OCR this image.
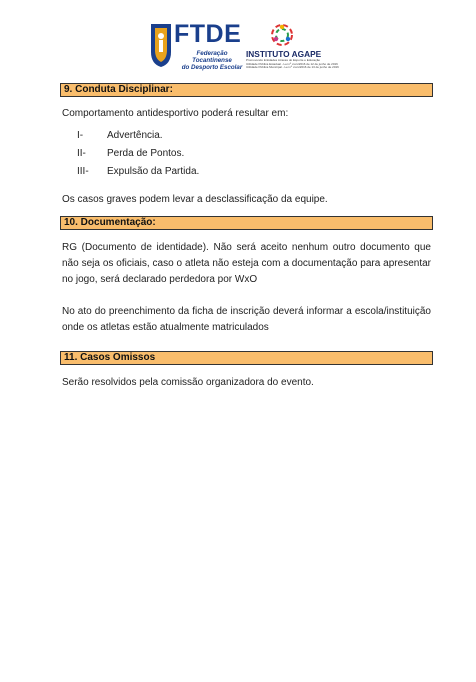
FTDE
Federação Tocantinense
do Desporto Escolar
INSTITUTO AGAPE
Promovendo Entidades Através do Esporte e Educação
Utilidade Pública Estadual - Lei nº xxxx/2016 de 12 de junho de 2016
Utilidade Pública Municipal - Lei nº xxxx/2016 de 13 de junho de 2016
9. Conduta Disciplinar:
Comportamento antidesportivo poderá resultar em:
I- Advertência.
II- Perda de Pontos.
III- Expulsão da Partida.
Os casos graves podem levar a desclassificação da equipe.
10. Documentação:
RG (Documento de identidade). Não será aceito nenhum outro documento que não seja os oficiais, caso o atleta não esteja com a documentação para apresentar no jogo, será declarado perdedora por WxO
No ato do preenchimento da ficha de inscrição deverá informar a escola/instituição onde os atletas estão atualmente matriculados
11. Casos Omissos
Serão resolvidos pela comissão organizadora do evento.
